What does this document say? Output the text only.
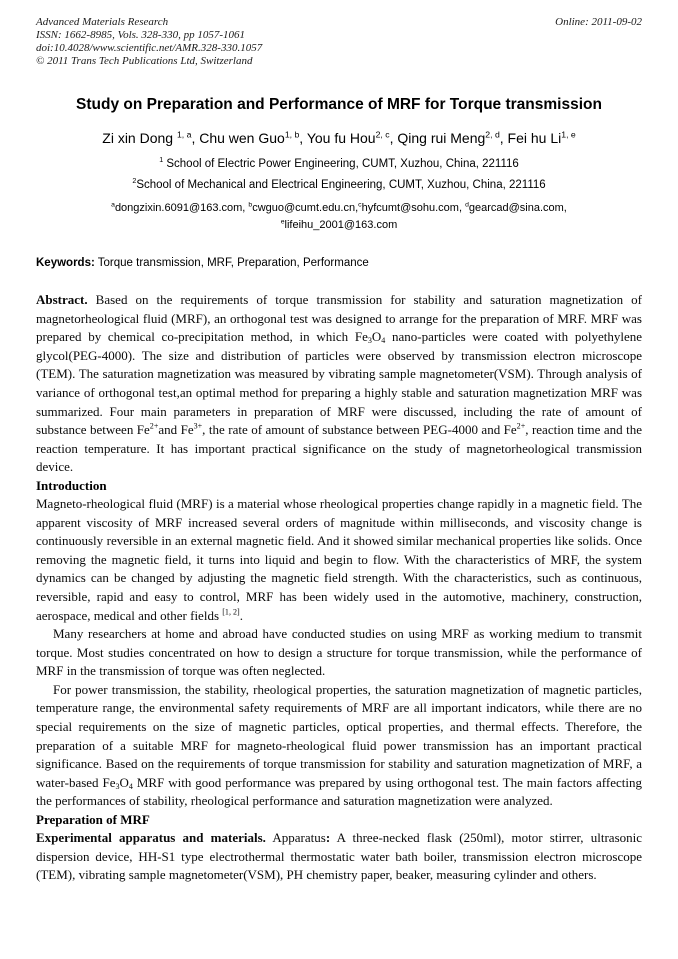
Advanced Materials Research
ISSN: 1662-8985, Vols. 328-330, pp 1057-1061
doi:10.4028/www.scientific.net/AMR.328-330.1057
© 2011 Trans Tech Publications Ltd, Switzerland
Online: 2011-09-02
Study on Preparation and Performance of MRF for Torque transmission
Zi xin Dong $^{1, a}$, Chu wen Guo$^{1, b}$, You fu Hou$^{2, c}$, Qing rui Meng$^{2, d}$, Fei hu Li$^{1, e}$
$^1$ School of Electric Power Engineering, CUMT, Xuzhou, China, 221116
$^2$School of Mechanical and Electrical Engineering, CUMT, Xuzhou, China, 221116
$^a$dongzixin.6091@163.com, $^b$cwguo@cumt.edu.cn,$^c$hyfcumt@sohu.com, $^d$gearcad@sina.com,
$^e$lifeihu_2001@163.com
Keywords: Torque transmission, MRF, Preparation, Performance

Abstract. Based on the requirements of torque transmission for stability and saturation magnetization of magnetorheological fluid (MRF), an orthogonal test was designed to arrange for the preparation of MRF. MRF was prepared by chemical co-precipitation method, in which $Fe_3O_4$ nano-particles were coated with polyethylene glycol(PEG-4000). The size and distribution of particles were observed by transmission electron microscope (TEM). The saturation magnetization was measured by vibrating sample magnetometer(VSM). Through analysis of variance of orthogonal test,an optimal method for preparing a highly stable and saturation magnetization MRF was summarized. Four main parameters in preparation of MRF were discussed, including the rate of amount of substance between $Fe^{2+}and$ $Fe^{3+}$, the rate of amount of substance between PEG-4000 and $Fe^{2+}$, reaction time and the reaction temperature. It has important practical significance on the study of magnetorheological transmission device.

Introduction

Magneto-rheological fluid (MRF) is a material whose rheological properties change rapidly in a magnetic field. The apparent viscosity of MRF increased several orders of magnitude within milliseconds, and viscosity change is continuously reversible in an external magnetic field. And it showed similar mechanical properties like solids. Once removing the magnetic field, it turns into liquid and begin to flow. With the characteristics of MRF, the system dynamics can be changed by adjusting the magnetic field strength. With the characteristics, such as continuous, reversible, rapid and easy to control, MRF has been widely used in the automotive, machinery, construction, aerospace, medical and other fields [1, 2].

Many researchers at home and abroad have conducted studies on using MRF as working medium to transmit torque. Most studies concentrated on how to design a structure for torque transmission, while the performance of MRF in the transmission of torque was often neglected.

For power transmission, the stability, rheological properties, the saturation magnetization of magnetic particles, temperature range, the environmental safety requirements of MRF are all important indicators, while there are no special requirements on the size of magnetic particles, optical properties, and thermal effects. Therefore, the preparation of a suitable MRF for magneto-rheological fluid power transmission has an important practical significance. Based on the requirements of torque transmission for stability and saturation magnetization of MRF, a water-based $Fe_3O_4$ MRF with good performance was prepared by using orthogonal test. The main factors affecting the performances of stability, rheological performance and saturation magnetization were analyzed.

Preparation of MRF

Experimental apparatus and materials. Apparatus: A three-necked flask (250ml), motor stirrer, ultrasonic dispersion device, HH-S1 type electrothermal thermostatic water bath boiler, transmission electron microscope (TEM), vibrating sample magnetometer(VSM), PH chemistry paper, beaker, measuring cylinder and others.
